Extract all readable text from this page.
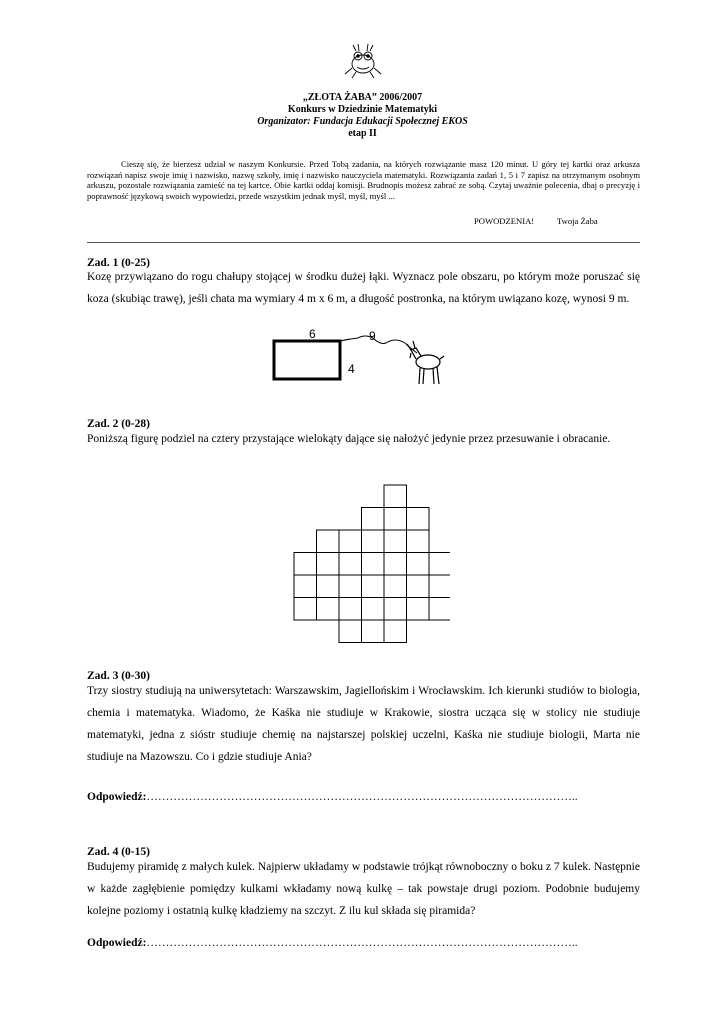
„ZŁOTA ŻABA” 2006/2007
Konkurs w Dziedzinie Matematyki
Organizator: Fundacja Edukacji Społecznej EKOS
etap II
Cieszę się, że bierzesz udział w naszym Konkursie. Przed Tobą zadania, na których rozwiązanie masz 120 minut. U góry tej kartki oraz arkusza rozwiązań napisz swoje imię i nazwisko, nazwę szkoły, imię i nazwisko nauczyciela matematyki. Rozwiązania zadań 1, 5 i 7 zapisz na otrzymanym osobnym arkuszu, pozostałe rozwiązania zamieść na tej kartce. Obie kartki oddaj komisji. Brudnopis możesz zabrać ze sobą. Czytaj uważnie polecenia, dbaj o precyzję i poprawność językową swoich wypowiedzi, przede wszystkim jednak myśl, myśl, myśl ...
POWODZENIA!	Twoja Żaba
Zad. 1 (0-25)
Kozę przywiązano do rogu chałupy stojącej w środku dużej łąki. Wyznacz pole obszaru, po którym może poruszać się koza (skubiąc trawę), jeśli chata ma wymiary 4 m x 6 m, a długość postronka, na którym uwiązano kozę, wynosi 9 m.
6
4
9
Zad. 2 (0-28)
Poniższą figurę podziel na cztery przystające wielokąty dające się nałożyć jedynie przez przesuwanie i obracanie.
Zad. 3 (0-30)
Trzy siostry studiują na uniwersytetach: Warszawskim, Jagiellońskim i Wrocławskim. Ich kierunki studiów to biologia, chemia i matematyka. Wiadomo, że Kaśka nie studiuje w Krakowie, siostra ucząca się w stolicy nie studiuje matematyki, jedna z sióstr studiuje chemię na najstarszej polskiej uczelni, Kaśka nie studiuje biologii, Marta nie studiuje na Mazowszu. Co i gdzie studiuje Ania?
Odpowiedź:…………………………………………………………………………………………………..
Zad. 4 (0-15)
Budujemy piramidę z małych kulek. Najpierw układamy w podstawie trójkąt równoboczny o boku z 7 kulek. Następnie w każde zagłębienie pomiędzy kulkami wkładamy nową kulkę – tak powstaje drugi poziom. Podobnie budujemy kolejne poziomy i ostatnią kulkę kładziemy na szczyt. Z ilu kul składa się piramida?
Odpowiedź:…………………………………………………………………………………………………..
